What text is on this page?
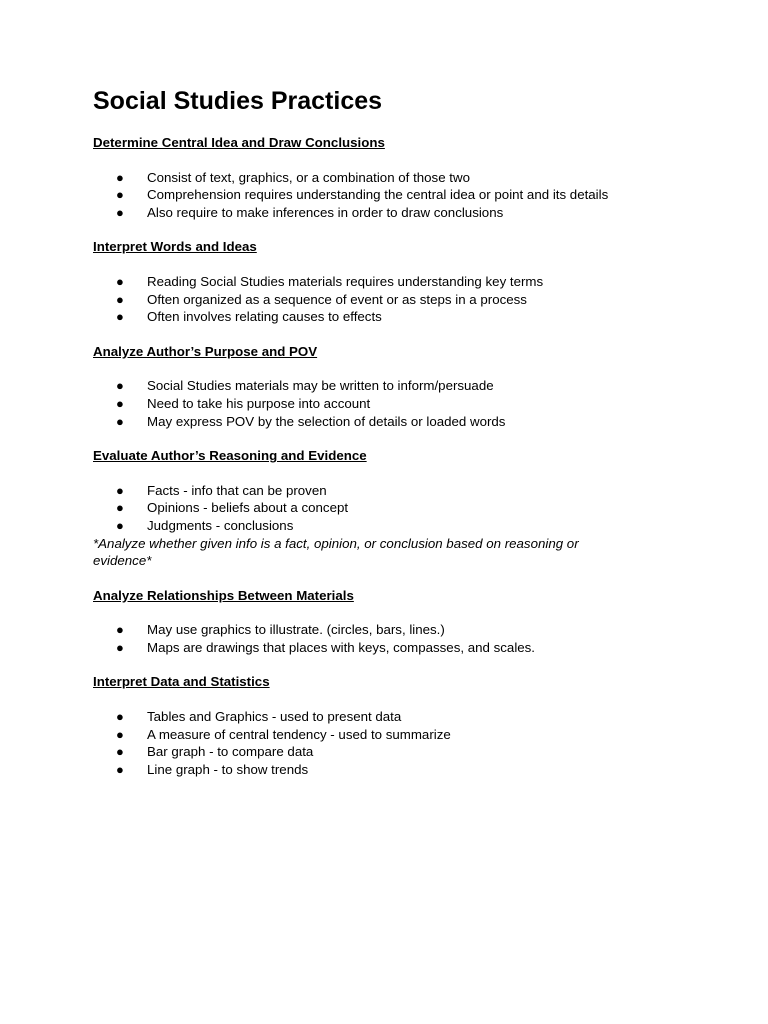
Social Studies Practices
Determine Central Idea and Draw Conclusions
● Consist of text, graphics, or a combination of those two
● Comprehension requires understanding the central idea or point and its details
● Also require to make inferences in order to draw conclusions
Interpret Words and Ideas
● Reading Social Studies materials requires understanding key terms
● Often organized as a sequence of event or as steps in a process
● Often involves relating causes to effects
Analyze Author’s Purpose and POV
● Social Studies materials may be written to inform/persuade
● Need to take his purpose into account
● May express POV by the selection of details or loaded words
Evaluate Author’s Reasoning and Evidence
● Facts - info that can be proven
● Opinions - beliefs about a concept
● Judgments - conclusions

*Analyze whether given info is a fact, opinion, or conclusion based on reasoning or evidence*

Analyze Relationships Between Materials
● May use graphics to illustrate. (circles, bars, lines.)
● Maps are drawings that places with keys, compasses, and scales.
Interpret Data and Statistics
● Tables and Graphics - used to present data
● A measure of central tendency - used to summarize
● Bar graph - to compare data
● Line graph - to show trends
